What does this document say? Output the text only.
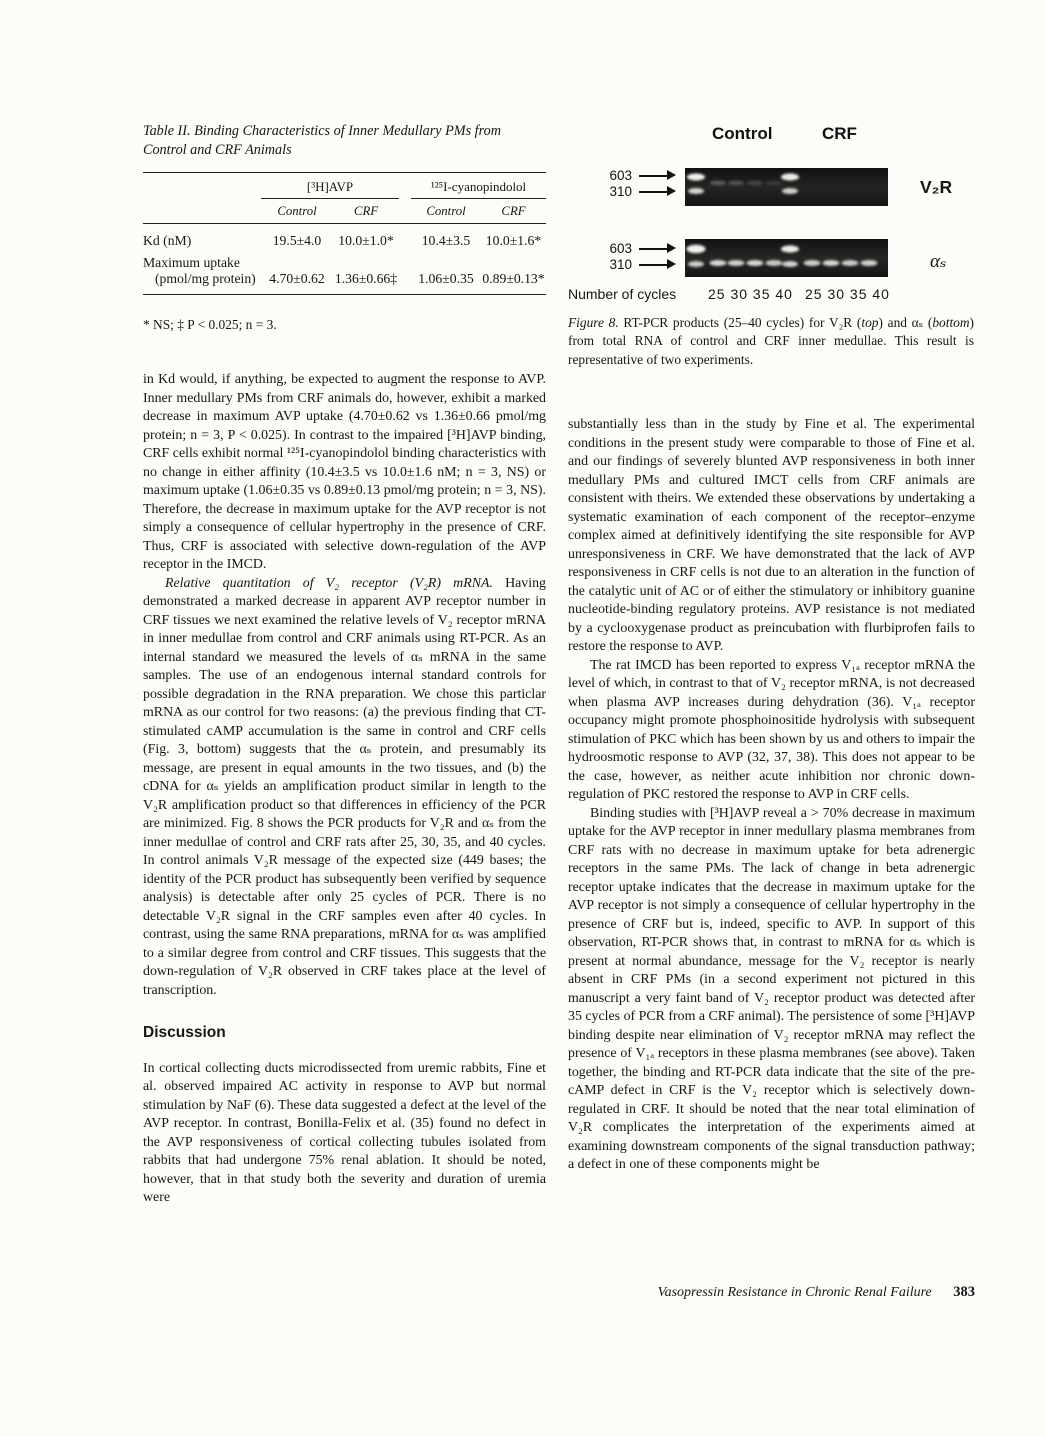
Table II. Binding Characteristics of Inner Medullary PMs from Control and CRF Animals

	[³H]AVP			¹²⁵I-cyanopindolol	
	Control	CRF		Control	CRF
Kd (nM)	19.5±4.0	10.0±1.0*		10.4±3.5	10.0±1.6*
Maximum uptake
(pmol/mg protein)	4.70±0.62	1.36±0.66‡		1.06±0.35	0.89±0.13*

* NS; ‡ P < 0.025; n = 3.

Control	CRF
603
310	V₂R
603
310	αₛ
Number of cycles 25 30 35 40 25 30 35 40

Figure 8. RT-PCR products (25–40 cycles) for V₂R (top) and αₛ (bottom) from total RNA of control and CRF inner medullae. This result is representative of two experiments.

in Kd would, if anything, be expected to augment the response to AVP. Inner medullary PMs from CRF animals do, however, exhibit a marked decrease in maximum AVP uptake (4.70±0.62 vs 1.36±0.66 pmol/mg protein; n = 3, P < 0.025). In contrast to the impaired [³H]AVP binding, CRF cells exhibit normal ¹²⁵I-cyanopindolol binding characteristics with no change in either affinity (10.4±3.5 vs 10.0±1.6 nM; n = 3, NS) or maximum uptake (1.06±0.35 vs 0.89±0.13 pmol/mg protein; n = 3, NS). Therefore, the decrease in maximum uptake for the AVP receptor is not simply a consequence of cellular hypertrophy in the presence of CRF. Thus, CRF is associated with selective down-regulation of the AVP receptor in the IMCD.

Relative quantitation of V₂ receptor (V₂R) mRNA. Having demonstrated a marked decrease in apparent AVP receptor number in CRF tissues we next examined the relative levels of V₂ receptor mRNA in inner medullae from control and CRF animals using RT-PCR. As an internal standard we measured the levels of αₛ mRNA in the same samples. The use of an endogenous internal standard controls for possible degradation in the RNA preparation. We chose this particlar mRNA as our control for two reasons: (a) the previous finding that CT-stimulated cAMP accumulation is the same in control and CRF cells (Fig. 3, bottom) suggests that the αₛ protein, and presumably its message, are present in equal amounts in the two tissues, and (b) the cDNA for αₛ yields an amplification product similar in length to the V₂R amplification product so that differences in efficiency of the PCR are minimized. Fig. 8 shows the PCR products for V₂R and αₛ from the inner medullae of control and CRF rats after 25, 30, 35, and 40 cycles. In control animals V₂R message of the expected size (449 bases; the identity of the PCR product has subsequently been verified by sequence analysis) is detectable after only 25 cycles of PCR. There is no detectable V₂R signal in the CRF samples even after 40 cycles. In contrast, using the same RNA preparations, mRNA for αₛ was amplified to a similar degree from control and CRF tissues. This suggests that the down-regulation of V₂R observed in CRF takes place at the level of transcription.

Discussion

In cortical collecting ducts microdissected from uremic rabbits, Fine et al. observed impaired AC activity in response to AVP but normal stimulation by NaF (6). These data suggested a defect at the level of the AVP receptor. In contrast, Bonilla-Felix et al. (35) found no defect in the AVP responsiveness of cortical collecting tubules isolated from rabbits that had undergone 75% renal ablation. It should be noted, however, that in that study both the severity and duration of uremia were

substantially less than in the study by Fine et al. The experimental conditions in the present study were comparable to those of Fine et al. and our findings of severely blunted AVP responsiveness in both inner medullary PMs and cultured IMCT cells from CRF animals are consistent with theirs. We extended these observations by undertaking a systematic examination of each component of the receptor–enzyme complex aimed at definitively identifying the site responsible for AVP unresponsiveness in CRF. We have demonstrated that the lack of AVP responsiveness in CRF cells is not due to an alteration in the function of the catalytic unit of AC or of either the stimulatory or inhibitory guanine nucleotide-binding regulatory proteins. AVP resistance is not mediated by a cyclooxygenase product as preincubation with flurbiprofen fails to restore the response to AVP.

The rat IMCD has been reported to express V₁ₐ receptor mRNA the level of which, in contrast to that of V₂ receptor mRNA, is not decreased when plasma AVP increases during dehydration (36). V₁ₐ receptor occupancy might promote phosphoinositide hydrolysis with subsequent stimulation of PKC which has been shown by us and others to impair the hydroosmotic response to AVP (32, 37, 38). This does not appear to be the case, however, as neither acute inhibition nor chronic down-regulation of PKC restored the response to AVP in CRF cells.

Binding studies with [³H]AVP reveal a > 70% decrease in maximum uptake for the AVP receptor in inner medullary plasma membranes from CRF rats with no decrease in maximum uptake for beta adrenergic receptors in the same PMs. The lack of change in beta adrenergic receptor uptake indicates that the decrease in maximum uptake for the AVP receptor is not simply a consequence of cellular hypertrophy in the presence of CRF but is, indeed, specific to AVP. In support of this observation, RT-PCR shows that, in contrast to mRNA for αₛ which is present at normal abundance, message for the V₂ receptor is nearly absent in CRF PMs (in a second experiment not pictured in this manuscript a very faint band of V₂ receptor product was detected after 35 cycles of PCR from a CRF animal). The persistence of some [³H]AVP binding despite near elimination of V₂ receptor mRNA may reflect the presence of V₁ₐ receptors in these plasma membranes (see above). Taken together, the binding and RT-PCR data indicate that the site of the pre-cAMP defect in CRF is the V₂ receptor which is selectively down-regulated in CRF. It should be noted that the near total elimination of V₂R complicates the interpretation of the experiments aimed at examining downstream components of the signal transduction pathway; a defect in one of these components might be

Vasopressin Resistance in Chronic Renal Failure 383
